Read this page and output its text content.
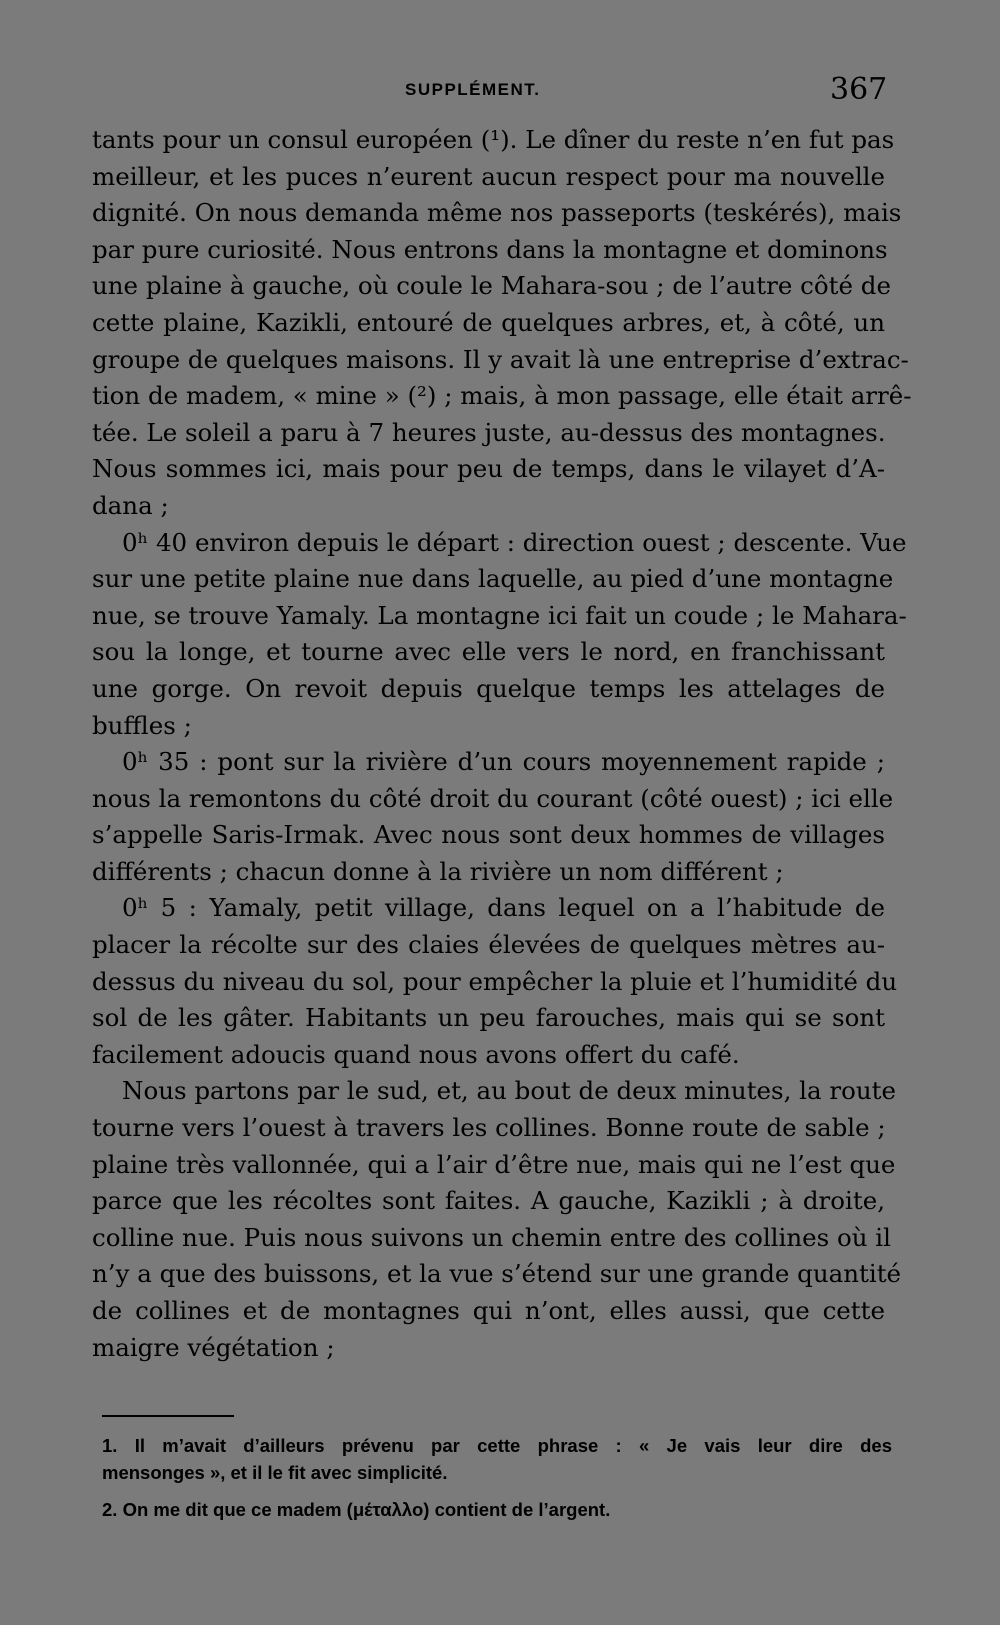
SUPPLÉMENT.	367
tants pour un consul européen (¹). Le dîner du reste n’en fut pas
meilleur, et les puces n’eurent aucun respect pour ma nouvelle
dignité. On nous demanda même nos passeports (teskérés), mais
par pure curiosité. Nous entrons dans la montagne et dominons
une plaine à gauche, où coule le Mahara-sou ; de l’autre côté de
cette plaine, Kazikli, entouré de quelques arbres, et, à côté, un
groupe de quelques maisons. Il y avait là une entreprise d’extrac-
tion de madem, « mine » (²) ; mais, à mon passage, elle était arrê-
tée. Le soleil a paru à 7 heures juste, au-dessus des montagnes.
Nous sommes ici, mais pour peu de temps, dans le vilayet d’A-
dana ;
0ʰ 40 environ depuis le départ : direction ouest ; descente. Vue
sur une petite plaine nue dans laquelle, au pied d’une montagne
nue, se trouve Yamaly. La montagne ici fait un coude ; le Mahara-
sou la longe, et tourne avec elle vers le nord, en franchissant
une gorge. On revoit depuis quelque temps les attelages de
buffles ;
0ʰ 35 : pont sur la rivière d’un cours moyennement rapide ;
nous la remontons du côté droit du courant (côté ouest) ; ici elle
s’appelle Saris-Irmak. Avec nous sont deux hommes de villages
différents ; chacun donne à la rivière un nom différent ;
0ʰ 5 : Yamaly, petit village, dans lequel on a l’habitude de
placer la récolte sur des claies élevées de quelques mètres au-
dessus du niveau du sol, pour empêcher la pluie et l’humidité du
sol de les gâter. Habitants un peu farouches, mais qui se sont
facilement adoucis quand nous avons offert du café.
Nous partons par le sud, et, au bout de deux minutes, la route
tourne vers l’ouest à travers les collines. Bonne route de sable ;
plaine très vallonnée, qui a l’air d’être nue, mais qui ne l’est que
parce que les récoltes sont faites. A gauche, Kazikli ; à droite,
colline nue. Puis nous suivons un chemin entre des collines où il
n’y a que des buissons, et la vue s’étend sur une grande quantité
de collines et de montagnes qui n’ont, elles aussi, que cette
maigre végétation ;
1. Il m’avait d’ailleurs prévenu par cette phrase : « Je vais leur dire des
mensonges », et il le fit avec simplicité.
2. On me dit que ce madem (μέταλλο) contient de l’argent.
